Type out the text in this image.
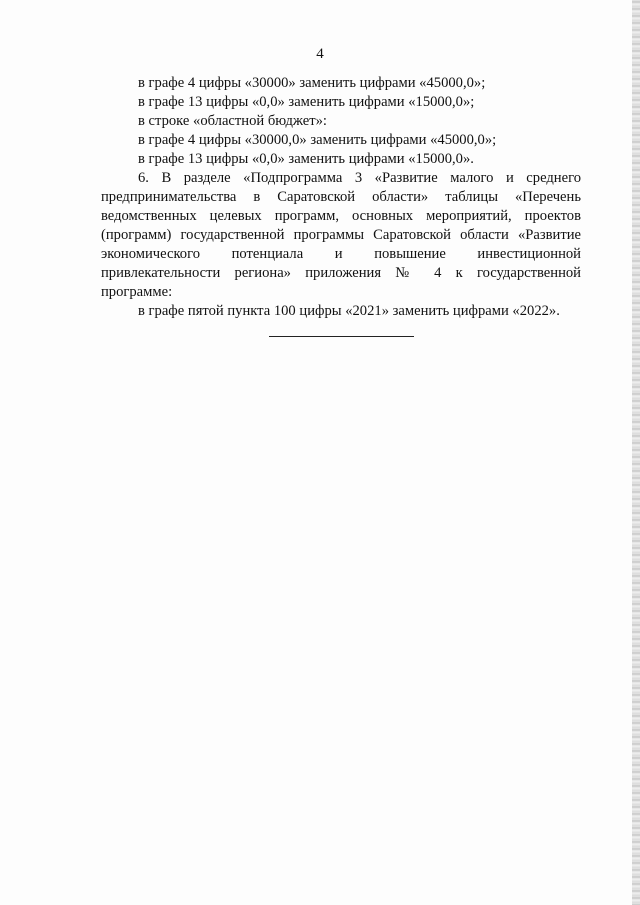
4
в графе 4 цифры «30000» заменить цифрами «45000,0»;
в графе 13 цифры «0,0» заменить цифрами «15000,0»;
в строке «областной бюджет»:
в графе 4 цифры «30000,0» заменить цифрами «45000,0»;
в графе 13 цифры «0,0» заменить цифрами «15000,0».
6. В разделе «Подпрограмма 3 «Развитие малого и среднего предпринимательства в Саратовской области» таблицы «Перечень ведомственных целевых программ, основных мероприятий, проектов (программ) государственной программы Саратовской области «Развитие экономического потенциала и повышение инвестиционной привлекательности региона» приложения № 4 к государственной программе:
в графе пятой пункта 100 цифры «2021» заменить цифрами «2022».
